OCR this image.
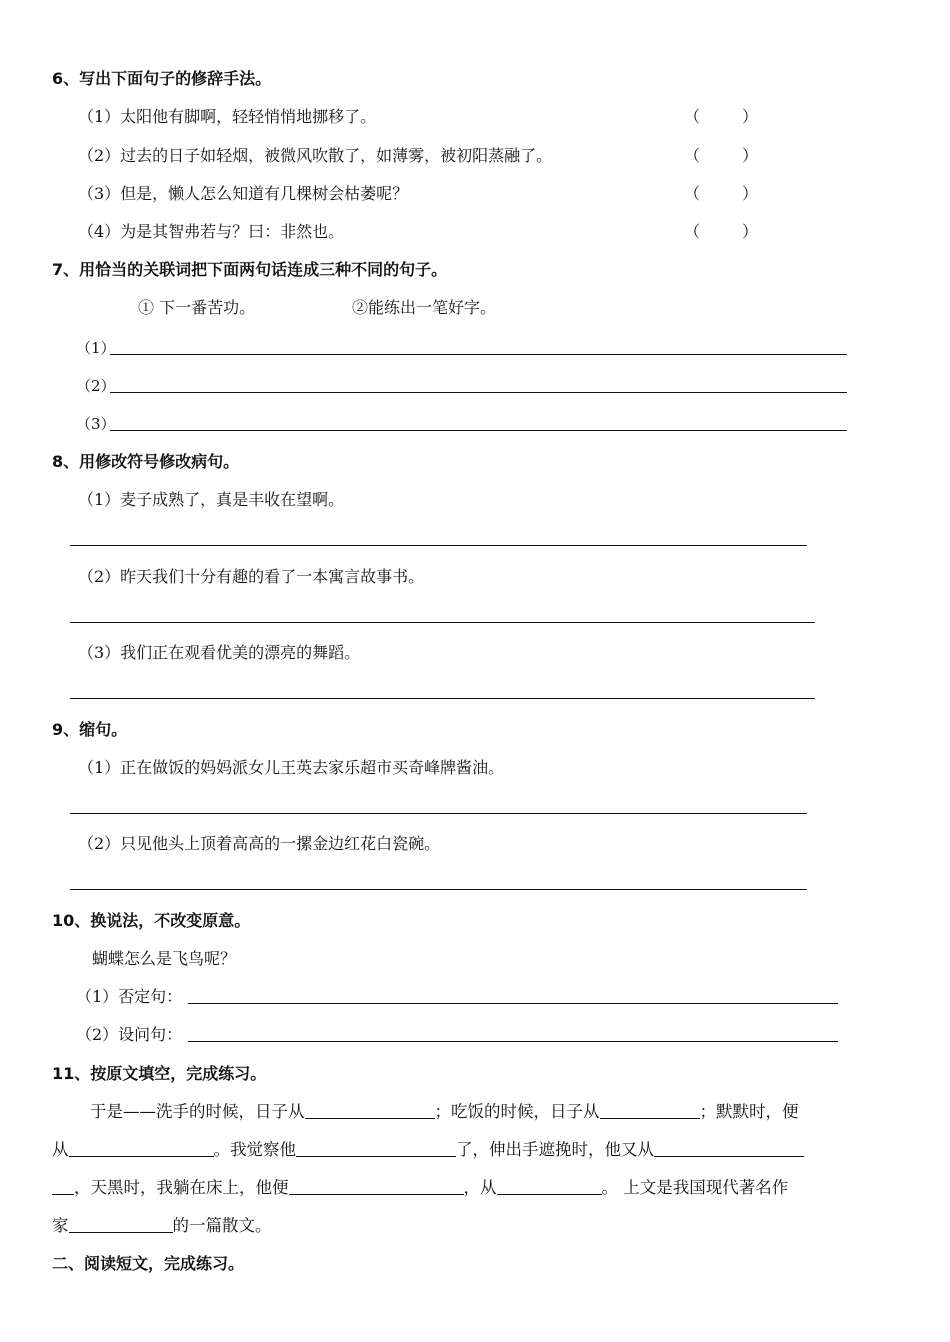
6、写出下面句子的修辞手法。
（1）太阳他有脚啊，轻轻悄悄地挪移了。	（	）
（2）过去的日子如轻烟，被微风吹散了，如薄雾，被初阳蒸融了。	（	）
（3）但是，懒人怎么知道有几棵树会枯萎呢？	（	）
（4）为是其智弗若与？曰：非然也。	（	）
7、用恰当的关联词把下面两句话连成三种不同的句子。
① 下一番苦功。	②能练出一笔好字。
（1）
（2）
（3）
8、用修改符号修改病句。
（1）麦子成熟了，真是丰收在望啊。
（2）昨天我们十分有趣的看了一本寓言故事书。
（3）我们正在观看优美的漂亮的舞蹈。
9、缩句。
（1）正在做饭的妈妈派女儿王英去家乐超市买奇峰牌酱油。
（2）只见他头上顶着高高的一摞金边红花白瓷碗。
10、换说法，不改变原意。
蝴蝶怎么是飞鸟呢？
（1）否定句：
（2）设问句：
11、按原文填空，完成练习。
于是——洗手的时候，日子从	；吃饭的时候，日子从	；默默时，便
从	。我觉察他	了，伸出手遮挽时，他又从
，天黑时，我躺在床上，他便	，从	。 上文是我国现代著名作
家	的一篇散文。
二、阅读短文，完成练习。
